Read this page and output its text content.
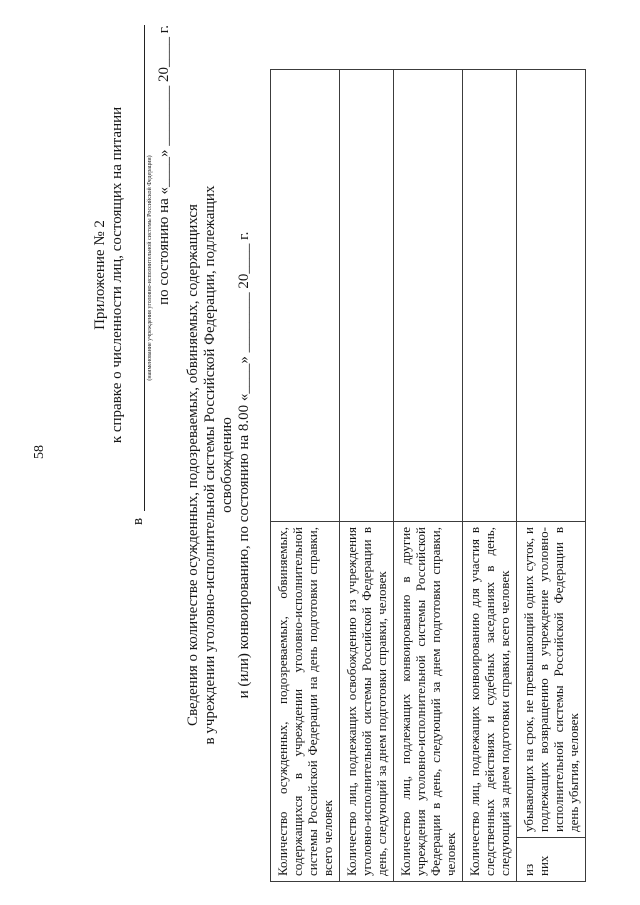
58
Приложение № 2 к справке о численности лиц, состоящих на питании
в
(наименование учреждения уголовно-исполнительной системы Российской Федерации) по состоянию на «____» ________ 20____ г.
Сведения о количестве осужденных, подозреваемых, обвиняемых, содержащихся в учреждении уголовно-исполнительной системы Российской Федерации, подлежащих освобождению и (или) конвоированию, по состоянию на 8.00 «____» ________ 20____ г.
Количество осужденных, подозреваемых, обвиняемых, содержащихся в учреждении уголовно-исполнительной системы Российской Федерации на день подготовки справки, всего человек		
Количество лиц, подлежащих освобождению из учреждения уголовно-исполнительной системы Российской Федерации в день, следующий за днем подготовки справки, человек		
Количество лиц, подлежащих конвоированию в другие учреждения уголовно-исполнительной системы Российской Федерации в день, следующий за днем подготовки справки, человек		
Количество лиц, подлежащих конвоированию для участия в следственных действиях и судебных заседаниях в день, следующий за днем подготовки справки, всего человек		
из них	убывающих на срок, не превышающий одних суток, и подлежащих возвращению в учреждение уголовно-исполнительной системы Российской Федерации в день убытия, человек	
